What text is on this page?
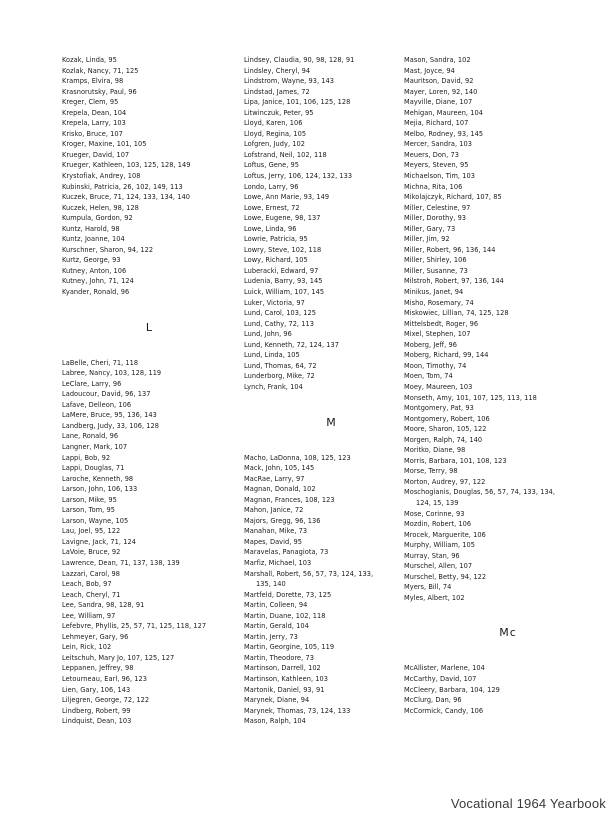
Kozak, Linda, 95
Kozlak, Nancy, 71, 125
Kramps, Elvira, 98
Krasnorutsky, Paul, 96
Kreger, Clem, 95
Krepela, Dean, 104
Krepela, Larry, 103
Krisko, Bruce, 107
Kroger, Maxine, 101, 105
Krueger, David, 107
Krueger, Kathleen, 103, 125, 128, 149
Krystofiak, Andrey, 108
Kubinski, Patricia, 26, 102, 149, 113
Kuczek, Bruce, 71, 124, 133, 134, 140
Kuczek, Helen, 98, 128
Kumpula, Gordon, 92
Kuntz, Harold, 98
Kuntz, Joanne, 104
Kurschner, Sharon, 94, 122
Kurtz, George, 93
Kutney, Anton, 106
Kutney, John, 71, 124
Kyander, Ronald, 96
L
LaBelle, Cheri, 71, 118
Labree, Nancy, 103, 128, 119
LeClare, Larry, 96
Ladoucour, David, 96, 137
Lafave, Delleon, 106
LaMere, Bruce, 95, 136, 143
Landberg, Judy, 33, 106, 128
Lane, Ronald, 96
Langner, Mark, 107
Lappi, Bob, 92
Lappi, Douglas, 71
Laroche, Kenneth, 98
Larson, John, 106, 133
Larson, Mike, 95
Larson, Tom, 95
Larson, Wayne, 105
Lau, Joel, 95, 122
Lavigne, Jack, 71, 124
LaVoie, Bruce, 92
Lawrence, Dean, 71, 137, 138, 139
Lazzari, Carol, 98
Leach, Bob, 97
Leach, Cheryl, 71
Lee, Sandra, 98, 128, 91
Lee, William, 97
Lefebvre, Phyllis, 25, 57, 71, 125, 118, 127
Lehmeyer, Gary, 96
Lein, Rick, 102
Leitschuh, Mary Jo, 107, 125, 127
Leppanen, Jeffrey, 98
Letourneau, Earl, 96, 123
Lien, Gary, 106, 143
Liljegren, George, 72, 122
Lindberg, Robert, 99
Lindquist, Dean, 103
Lindsey, Claudia, 90, 98, 128, 91
Lindsley, Cheryl, 94
Lindstrom, Wayne, 93, 143
Lindstad, James, 72
Lipa, Janice, 101, 106, 125, 128
Litwinczuk, Peter, 95
Lloyd, Karen, 106
Lloyd, Regina, 105
Lofgren, Judy, 102
Lofstrand, Neil, 102, 118
Loftus, Gene, 95
Loftus, Jerry, 106, 124, 132, 133
Londo, Larry, 96
Lowe, Ann Marie, 93, 149
Lowe, Ernest, 72
Lowe, Eugene, 98, 137
Lowe, Linda, 96
Lowrie, Patricia, 95
Lowry, Steve, 102, 118
Lowy, Richard, 105
Luberacki, Edward, 97
Ludenia, Barry, 93, 145
Luick, William, 107, 145
Luker, Victoria, 97
Lund, Carol, 103, 125
Lund, Cathy, 72, 113
Lund, John, 96
Lund, Kenneth, 72, 124, 137
Lund, Linda, 105
Lund, Thomas, 64, 72
Lunderborg, Mike, 72
Lynch, Frank, 104
M
Macho, LaDonna, 108, 125, 123
Mack, John, 105, 145
MacRae, Larry, 97
Magnan, Donald, 102
Magnan, Frances, 108, 123
Mahon, Janice, 72
Majors, Gregg, 96, 136
Manahan, Mike, 73
Mapes, David, 95
Maravelas, Panagiota, 73
Marfiz, Michael, 103
Marshall, Robert, 56, 57, 73, 124, 133,
135, 140
Martfeld, Dorette, 73, 125
Martin, Colleen, 94
Martin, Duane, 102, 118
Martin, Gerald, 104
Martin, Jerry, 73
Martin, Georgine, 105, 119
Martin, Theodore, 73
Martinson, Darrell, 102
Martinson, Kathleen, 103
Martonik, Daniel, 93, 91
Marynek, Diane, 94
Marynek, Thomas, 73, 124, 133
Mason, Ralph, 104
Mason, Sandra, 102
Mast, Joyce, 94
Mauritson, David, 92
Mayer, Loren, 92, 140
Mayville, Diane, 107
Mehigan, Maureen, 104
Mejia, Richard, 107
Melbo, Rodney, 93, 145
Mercer, Sandra, 103
Meuers, Don, 73
Meyers, Steven, 95
Michaelson, Tim, 103
Michna, Rita, 106
Mikolajczyk, Richard, 107, 85
Miller, Celestine, 97
Miller, Dorothy, 93
Miller, Gary, 73
Miller, Jim, 92
Miller, Robert, 96, 136, 144
Miller, Shirley, 106
Miller, Susanne, 73
Milstroh, Robert, 97, 136, 144
Minikus, Janet, 94
Misho, Rosemary, 74
Miskowiec, Lillian, 74, 125, 128
Mittelsbedt, Roger, 96
Mixel, Stephen, 107
Moberg, Jeff, 96
Moberg, Richard, 99, 144
Moon, Timothy, 74
Moen, Tom, 74
Moey, Maureen, 103
Monseth, Amy, 101, 107, 125, 113, 118
Montgomery, Pat, 93
Montgomery, Robert, 106
Moore, Sharon, 105, 122
Morgen, Ralph, 74, 140
Moritko, Diane, 98
Morris, Barbara, 101, 108, 123
Morse, Terry, 98
Morton, Audrey, 97, 122
Moschogianis, Douglas, 56, 57, 74, 133, 134,
124, 15, 139
Mose, Corinne, 93
Mozdin, Robert, 106
Mrocek, Marguerite, 106
Murphy, William, 105
Murray, Stan, 96
Murschel, Allen, 107
Murschel, Betty, 94, 122
Myers, Bill, 74
Myles, Albert, 102
Mc
McAllister, Marlene, 104
McCarthy, David, 107
McCleery, Barbara, 104, 129
McClurg, Dan, 96
McCormick, Candy, 106
Vocational 1964 Yearbook
